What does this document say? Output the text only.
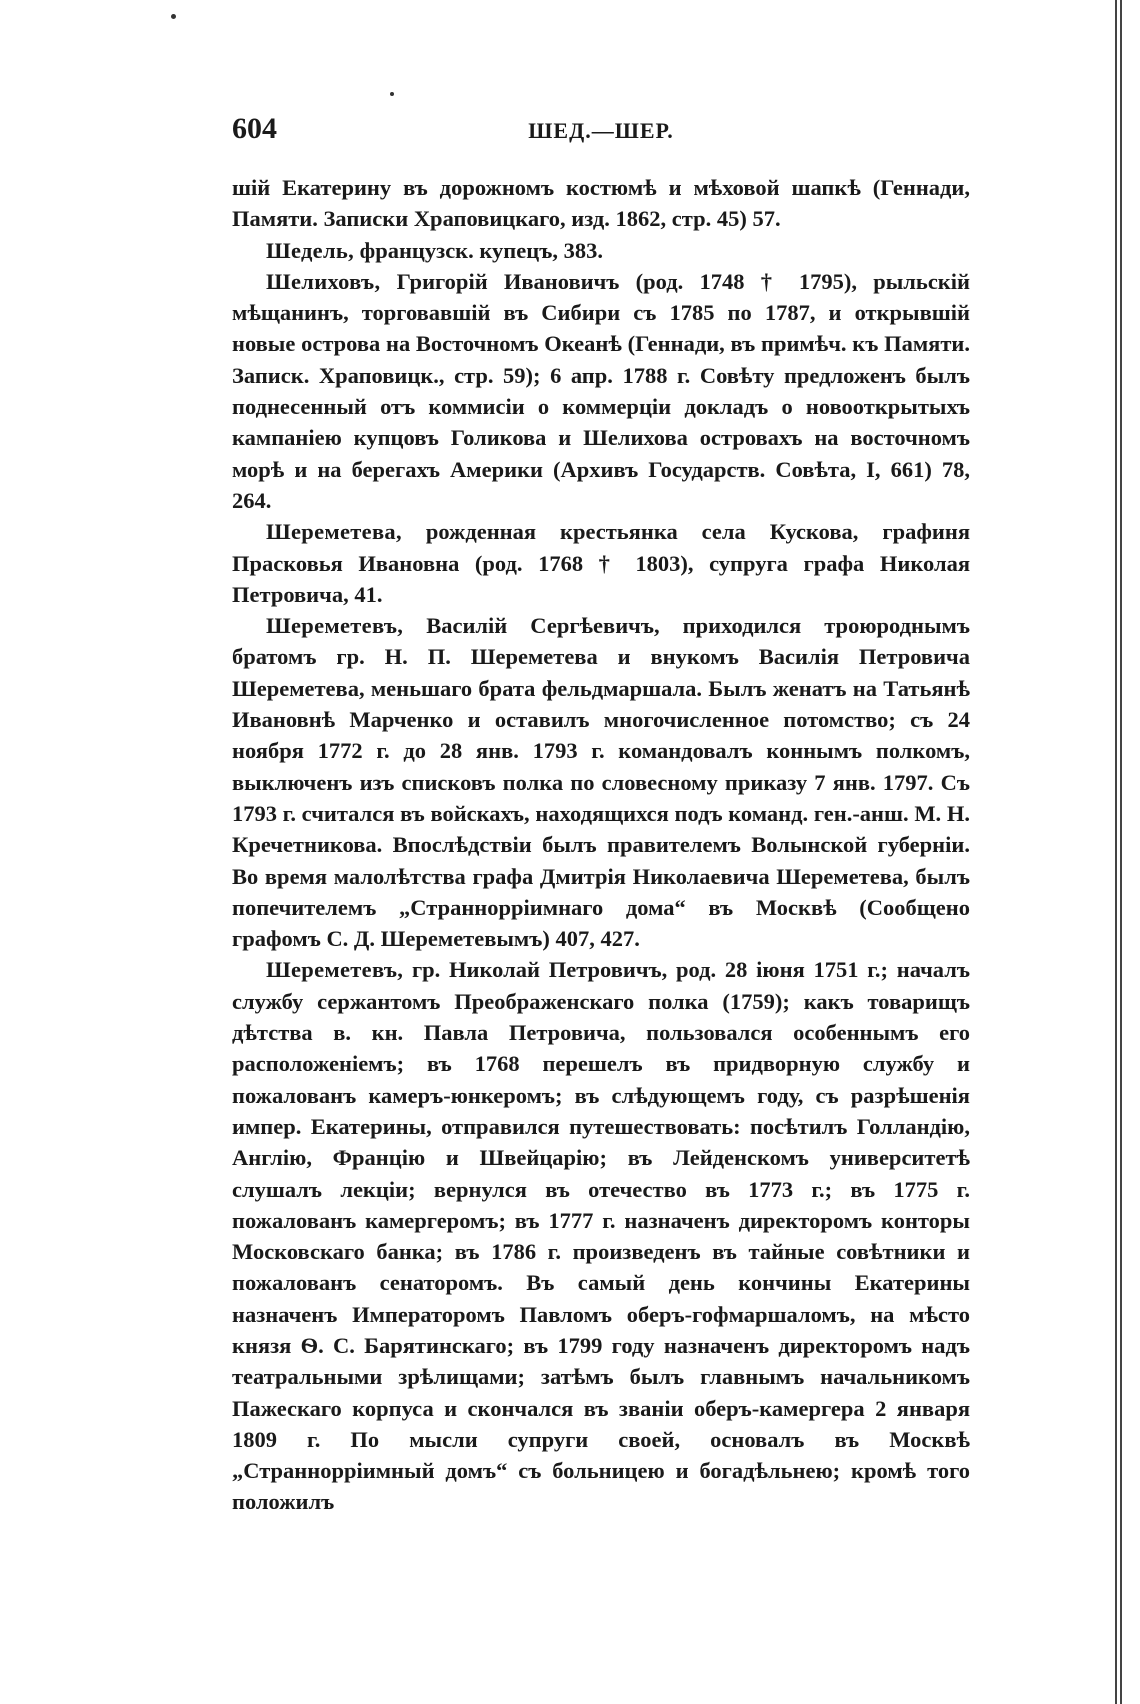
604	ШЕД.—ШЕР.

шій Екатерину въ дорожномъ костюмѣ и мѣховой шапкѣ (Геннади, Памяти. Записки Храповицкаго, изд. 1862, стр. 45) 57.

Шедель, французск. купецъ, 383.

Шелиховъ, Григорій Ивановичъ (род. 1748 † 1795), рыльскій мѣщанинъ, торговавшій въ Сибири съ 1785 по 1787, и открывшій новые острова на Восточномъ Океанѣ (Геннади, въ примѣч. къ Памяти. Записк. Храповицк., стр. 59); 6 апр. 1788 г. Совѣту предложенъ былъ поднесенный отъ коммисіи о коммерціи докладъ о новооткрытыхъ кампаніею купцовъ Голикова и Шелихова островахъ на восточномъ морѣ и на берегахъ Америки (Архивъ Государств. Совѣта, I, 661) 78, 264.

Шереметева, рожденная крестьянка села Кускова, графиня Прасковья Ивановна (род. 1768 † 1803), супруга графа Николая Петровича, 41.

Шереметевъ, Василій Сергѣевичъ, приходился троюроднымъ братомъ гр. Н. П. Шереметева и внукомъ Василія Петровича Шереметева, меньшаго брата фельдмаршала. Былъ женатъ на Татьянѣ Ивановнѣ Марченко и оставилъ многочисленное потомство; съ 24 ноября 1772 г. до 28 янв. 1793 г. командовалъ коннымъ полкомъ, выключенъ изъ списковъ полка по словесному приказу 7 янв. 1797. Съ 1793 г. считался въ войскахъ, находящихся подъ команд. ген.-анш. М. Н. Кречетникова. Впослѣдствіи былъ правителемъ Волынской губерніи. Во время малолѣтства графа Дмитрія Николаевича Шереметева, былъ попечителемъ „Странноpріимнаго дома“ въ Москвѣ (Сообщено графомъ С. Д. Шереметевымъ) 407, 427.

Шереметевъ, гр. Николай Петровичъ, род. 28 іюня 1751 г.; началъ службу сержантомъ Преображенскаго полка (1759); какъ товарищъ дѣтства в. кн. Павла Петровича, пользовался особеннымъ его расположеніемъ; въ 1768 перешелъ въ придворную службу и пожалованъ камеръ-юнкеромъ; въ слѣдующемъ году, съ разрѣшенія импер. Екатерины, отправился путешествовать: посѣтилъ Голландію, Англію, Францію и Швейцарію; въ Лейденскомъ университетѣ слушалъ лекціи; вернулся въ отечество въ 1773 г.; въ 1775 г. пожалованъ камергеромъ; въ 1777 г. назначенъ директоромъ конторы Московскаго банка; въ 1786 г. произведенъ въ тайные совѣтники и пожалованъ сенаторомъ. Въ самый день кончины Екатерины назначенъ Императоромъ Павломъ оберъ-гофмаршаломъ, на мѣсто князя Ѳ. С. Барятинскаго; въ 1799 году назначенъ директоромъ надъ театральными зрѣлищами; затѣмъ былъ главнымъ начальникомъ Пажескаго корпуса и скончался въ званіи оберъ-камергера 2 января 1809 г. По мысли супруги своей, основалъ въ Москвѣ „Странноpріимный домъ“ съ больницею и богадѣльнею; кромѣ того положилъ
